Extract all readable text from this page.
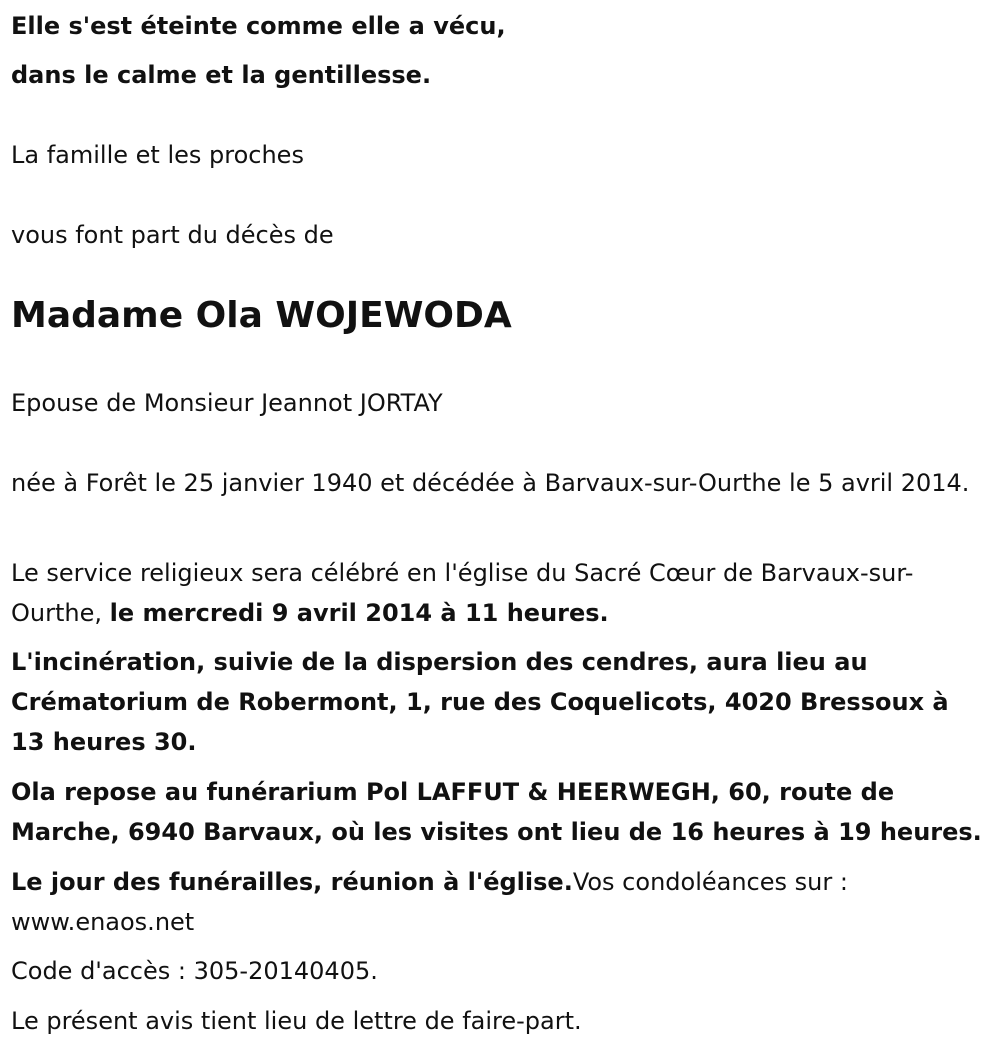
Elle s'est éteinte comme elle a vécu,

dans le calme et la gentillesse.

La famille et les proches

vous font part du décès de

Madame Ola WOJEWODA

Epouse de Monsieur Jeannot JORTAY

née à Forêt le 25 janvier 1940 et décédée à Barvaux-sur-Ourthe le 5 avril 2014.

Le service religieux sera célébré en l'église du Sacré Cœur de Barvaux-sur-Ourthe, le mercredi 9 avril 2014 à 11 heures.

L'incinération, suivie de la dispersion des cendres, aura lieu au Crématorium de Robermont, 1, rue des Coquelicots, 4020 Bressoux à 13 heures 30.

Ola repose au funérarium Pol LAFFUT & HEERWEGH, 60, route de Marche, 6940 Barvaux, où les visites ont lieu de 16 heures à 19 heures.

Le jour des funérailles, réunion à l'église.Vos condoléances sur : www.enaos.net

Code d'accès : 305-20140405.

Le présent avis tient lieu de lettre de faire-part.
